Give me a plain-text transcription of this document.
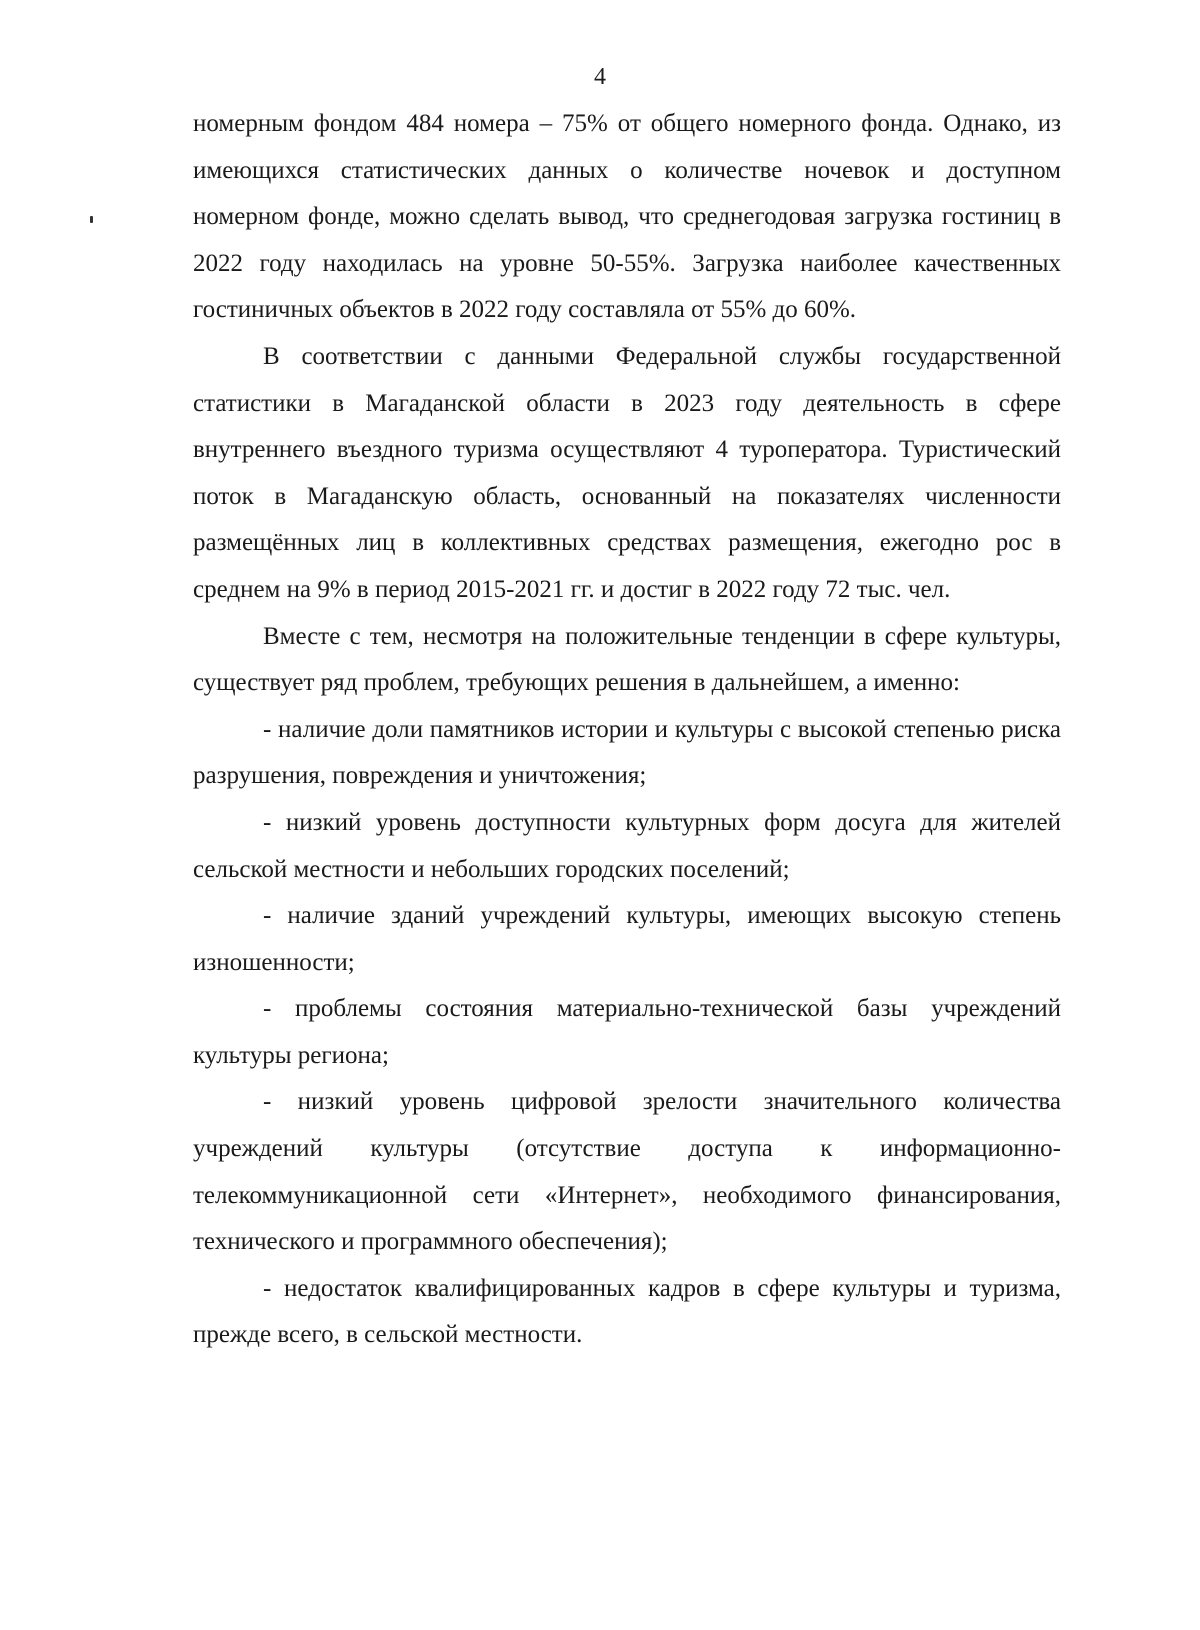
4

номерным фондом 484 номера – 75% от общего номерного фонда. Однако, из имеющихся статистических данных о количестве ночевок и доступном номерном фонде, можно сделать вывод, что среднегодовая загрузка гостиниц в 2022 году находилась на уровне 50-55%. Загрузка наиболее качественных гостиничных объектов в 2022 году составляла от 55% до 60%.

В соответствии с данными Федеральной службы государственной статистики в Магаданской области в 2023 году деятельность в сфере внутреннего въездного туризма осуществляют 4 туроператора. Туристический поток в Магаданскую область, основанный на показателях численности размещённых лиц в коллективных средствах размещения, ежегодно рос в среднем на 9% в период 2015-2021 гг. и достиг в 2022 году 72 тыс. чел.

Вместе с тем, несмотря на положительные тенденции в сфере культуры, существует ряд проблем, требующих решения в дальнейшем, а именно:

- наличие доли памятников истории и культуры с высокой степенью риска разрушения, повреждения и уничтожения;

- низкий уровень доступности культурных форм досуга для жителей сельской местности и небольших городских поселений;

- наличие зданий учреждений культуры, имеющих высокую степень изношенности;

- проблемы состояния материально-технической базы учреждений культуры региона;

- низкий уровень цифровой зрелости значительного количества учреждений культуры (отсутствие доступа к информационно-телекоммуникационной сети «Интернет», необходимого финансирования, технического и программного обеспечения);

- недостаток квалифицированных кадров в сфере культуры и туризма, прежде всего, в сельской местности.
